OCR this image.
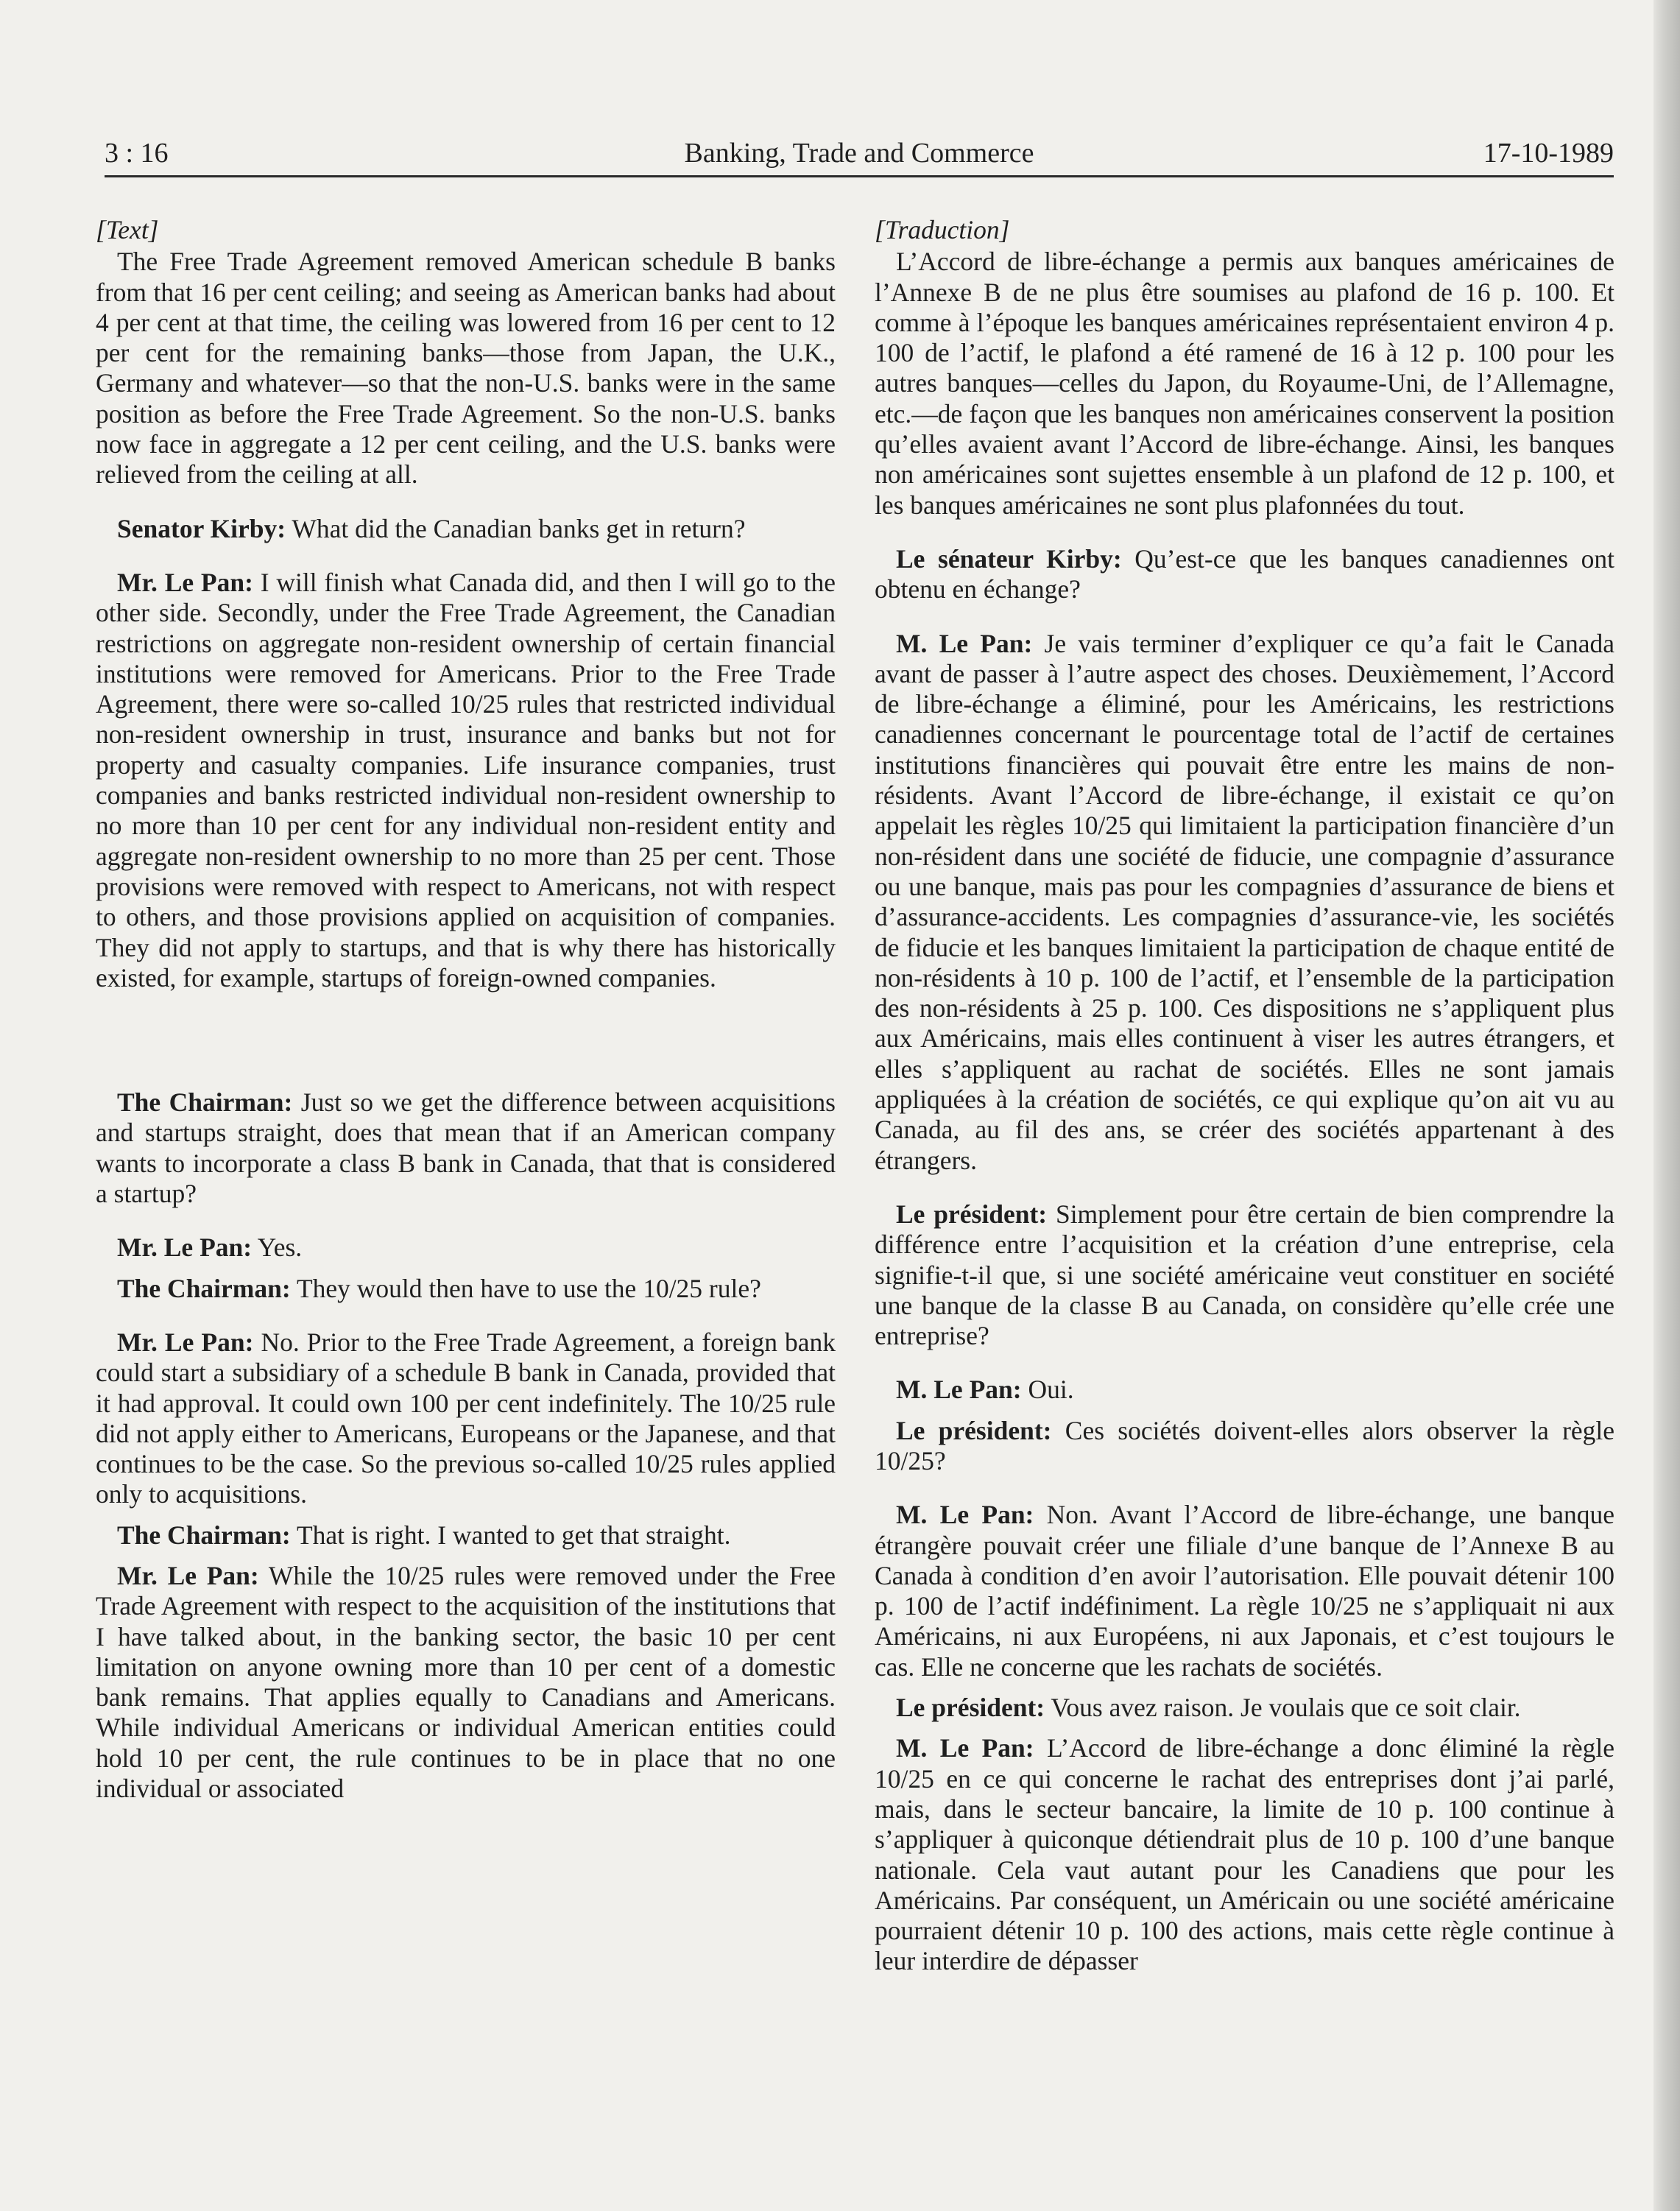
3 : 16	Banking, Trade and Commerce	17-10-1989
[Text]

The Free Trade Agreement removed American schedule B banks from that 16 per cent ceiling; and seeing as American banks had about 4 per cent at that time, the ceiling was lowered from 16 per cent to 12 per cent for the remaining banks—those from Japan, the U.K., Germany and whatever—so that the non-U.S. banks were in the same position as before the Free Trade Agreement. So the non-U.S. banks now face in aggregate a 12 per cent ceiling, and the U.S. banks were relieved from the ceiling at all.

Senator Kirby: What did the Canadian banks get in return?

Mr. Le Pan: I will finish what Canada did, and then I will go to the other side. Secondly, under the Free Trade Agreement, the Canadian restrictions on aggregate non-resident ownership of certain financial institutions were removed for Americans. Prior to the Free Trade Agreement, there were so-called 10/25 rules that restricted individual non-resident ownership in trust, insurance and banks but not for property and casualty companies. Life insurance companies, trust companies and banks restricted individual non-resident ownership to no more than 10 per cent for any individual non-resident entity and aggregate non-resident ownership to no more than 25 per cent. Those provisions were removed with respect to Americans, not with respect to others, and those provisions applied on acquisition of companies. They did not apply to startups, and that is why there has historically existed, for example, startups of foreign-owned companies.

The Chairman: Just so we get the difference between acquisitions and startups straight, does that mean that if an American company wants to incorporate a class B bank in Canada, that that is considered a startup?

Mr. Le Pan: Yes.

The Chairman: They would then have to use the 10/25 rule?

Mr. Le Pan: No. Prior to the Free Trade Agreement, a foreign bank could start a subsidiary of a schedule B bank in Canada, provided that it had approval. It could own 100 per cent indefinitely. The 10/25 rule did not apply either to Americans, Europeans or the Japanese, and that continues to be the case. So the previous so-called 10/25 rules applied only to acquisitions.

The Chairman: That is right. I wanted to get that straight.

Mr. Le Pan: While the 10/25 rules were removed under the Free Trade Agreement with respect to the acquisition of the institutions that I have talked about, in the banking sector, the basic 10 per cent limitation on anyone owning more than 10 per cent of a domestic bank remains. That applies equally to Canadians and Americans. While individual Americans or individual American entities could hold 10 per cent, the rule continues to be in place that no one individual or associated

[Traduction]

L’Accord de libre-échange a permis aux banques américaines de l’Annexe B de ne plus être soumises au plafond de 16 p. 100. Et comme à l’époque les banques américaines représentaient environ 4 p. 100 de l’actif, le plafond a été ramené de 16 à 12 p. 100 pour les autres banques—celles du Japon, du Royaume-Uni, de l’Allemagne, etc.—de façon que les banques non américaines conservent la position qu’elles avaient avant l’Accord de libre-échange. Ainsi, les banques non américaines sont sujettes ensemble à un plafond de 12 p. 100, et les banques américaines ne sont plus plafonnées du tout.

Le sénateur Kirby: Qu’est-ce que les banques canadiennes ont obtenu en échange?

M. Le Pan: Je vais terminer d’expliquer ce qu’a fait le Canada avant de passer à l’autre aspect des choses. Deuxièmement, l’Accord de libre-échange a éliminé, pour les Américains, les restrictions canadiennes concernant le pourcentage total de l’actif de certaines institutions financières qui pouvait être entre les mains de non-résidents. Avant l’Accord de libre-échange, il existait ce qu’on appelait les règles 10/25 qui limitaient la participation financière d’un non-résident dans une société de fiducie, une compagnie d’assurance ou une banque, mais pas pour les compagnies d’assurance de biens et d’assurance-accidents. Les compagnies d’assurance-vie, les sociétés de fiducie et les banques limitaient la participation de chaque entité de non-résidents à 10 p. 100 de l’actif, et l’ensemble de la participation des non-résidents à 25 p. 100. Ces dispositions ne s’appliquent plus aux Américains, mais elles continuent à viser les autres étrangers, et elles s’appliquent au rachat de sociétés. Elles ne sont jamais appliquées à la création de sociétés, ce qui explique qu’on ait vu au Canada, au fil des ans, se créer des sociétés appartenant à des étrangers.

Le président: Simplement pour être certain de bien comprendre la différence entre l’acquisition et la création d’une entreprise, cela signifie-t-il que, si une société américaine veut constituer en société une banque de la classe B au Canada, on considère qu’elle crée une entreprise?

M. Le Pan: Oui.

Le président: Ces sociétés doivent-elles alors observer la règle 10/25?

M. Le Pan: Non. Avant l’Accord de libre-échange, une banque étrangère pouvait créer une filiale d’une banque de l’Annexe B au Canada à condition d’en avoir l’autorisation. Elle pouvait détenir 100 p. 100 de l’actif indéfiniment. La règle 10/25 ne s’appliquait ni aux Américains, ni aux Européens, ni aux Japonais, et c’est toujours le cas. Elle ne concerne que les rachats de sociétés.

Le président: Vous avez raison. Je voulais que ce soit clair.

M. Le Pan: L’Accord de libre-échange a donc éliminé la règle 10/25 en ce qui concerne le rachat des entreprises dont j’ai parlé, mais, dans le secteur bancaire, la limite de 10 p. 100 continue à s’appliquer à quiconque détiendrait plus de 10 p. 100 d’une banque nationale. Cela vaut autant pour les Canadiens que pour les Américains. Par conséquent, un Américain ou une société américaine pourraient détenir 10 p. 100 des actions, mais cette règle continue à leur interdire de dépasser
